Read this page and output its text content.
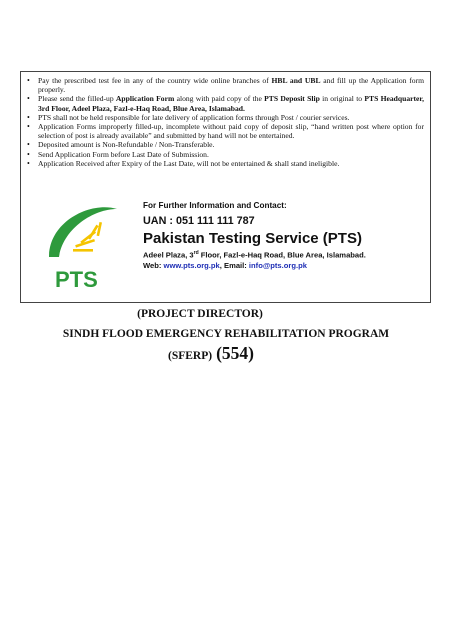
• Pay the prescribed test fee in any of the country wide online branches of HBL and UBL and fill up the Application form properly.
• Please send the filled-up Application Form along with paid copy of the PTS Deposit Slip in original to PTS Headquarter, 3rd Floor, Adeel Plaza, Fazl-e-Haq Road, Blue Area, Islamabad.
• PTS shall not be held responsible for late delivery of application forms through Post / courier services.
• Application Forms improperly filled-up, incomplete without paid copy of deposit slip, “hand written post where option for selection of post is already available” and submitted by hand will not be entertained.
• Deposited amount is Non-Refundable / Non-Transferable.
• Send Application Form before Last Date of Submission.
• Application Received after Expiry of the Last Date, will not be entertained & shall stand ineligible.
PTS
For Further Information and Contact:
UAN : 051 111 111 787
Pakistan Testing Service (PTS)
Adeel Plaza, 3rd Floor, Fazl-e-Haq Road, Blue Area, Islamabad.
Web: www.pts.org.pk, Email: info@pts.org.pk
(PROJECT DIRECTOR)
SINDH FLOOD EMERGENCY REHABILITATION PROGRAM
(SFERP) (554)
